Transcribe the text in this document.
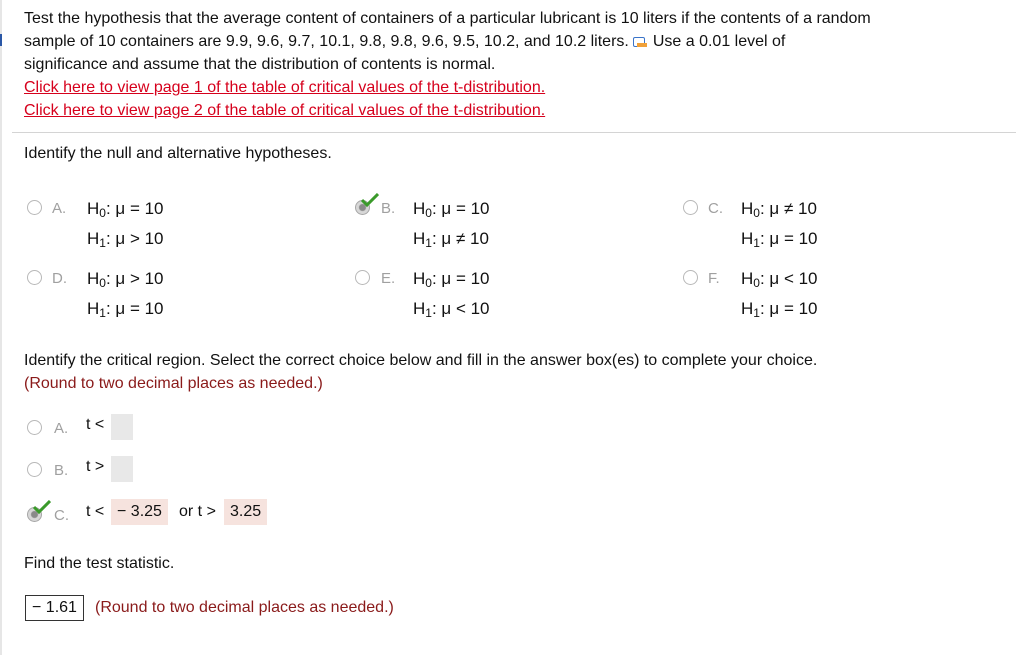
Test the hypothesis that the average content of containers of a particular lubricant is 10 liters if the contents of a random
sample of 10 containers are 9.9, 9.6, 9.7, 10.1, 9.8, 9.8, 9.6, 9.5, 10.2, and 10.2 liters. Use a 0.01 level of
significance and assume that the distribution of contents is normal.
Click here to view page 1 of the table of critical values of the t-distribution.
Click here to view page 2 of the table of critical values of the t-distribution.
Identify the null and alternative hypotheses.
A. $H_0$: μ = 10
$H_1$: μ > 10
B. $H_0$: μ = 10
$H_1$: μ ≠ 10
C. $H_0$: μ ≠ 10
$H_1$: μ = 10
D. $H_0$: μ > 10
$H_1$: μ = 10
E. $H_0$: μ = 10
$H_1$: μ < 10
F. $H_0$: μ < 10
$H_1$: μ = 10
Identify the critical region. Select the correct choice below and fill in the answer box(es) to complete your choice.
(Round to two decimal places as needed.)
A. t <
B. t >
C. t < − 3.25	or t > 3.25
Find the test statistic.
− 1.61	(Round to two decimal places as needed.)
